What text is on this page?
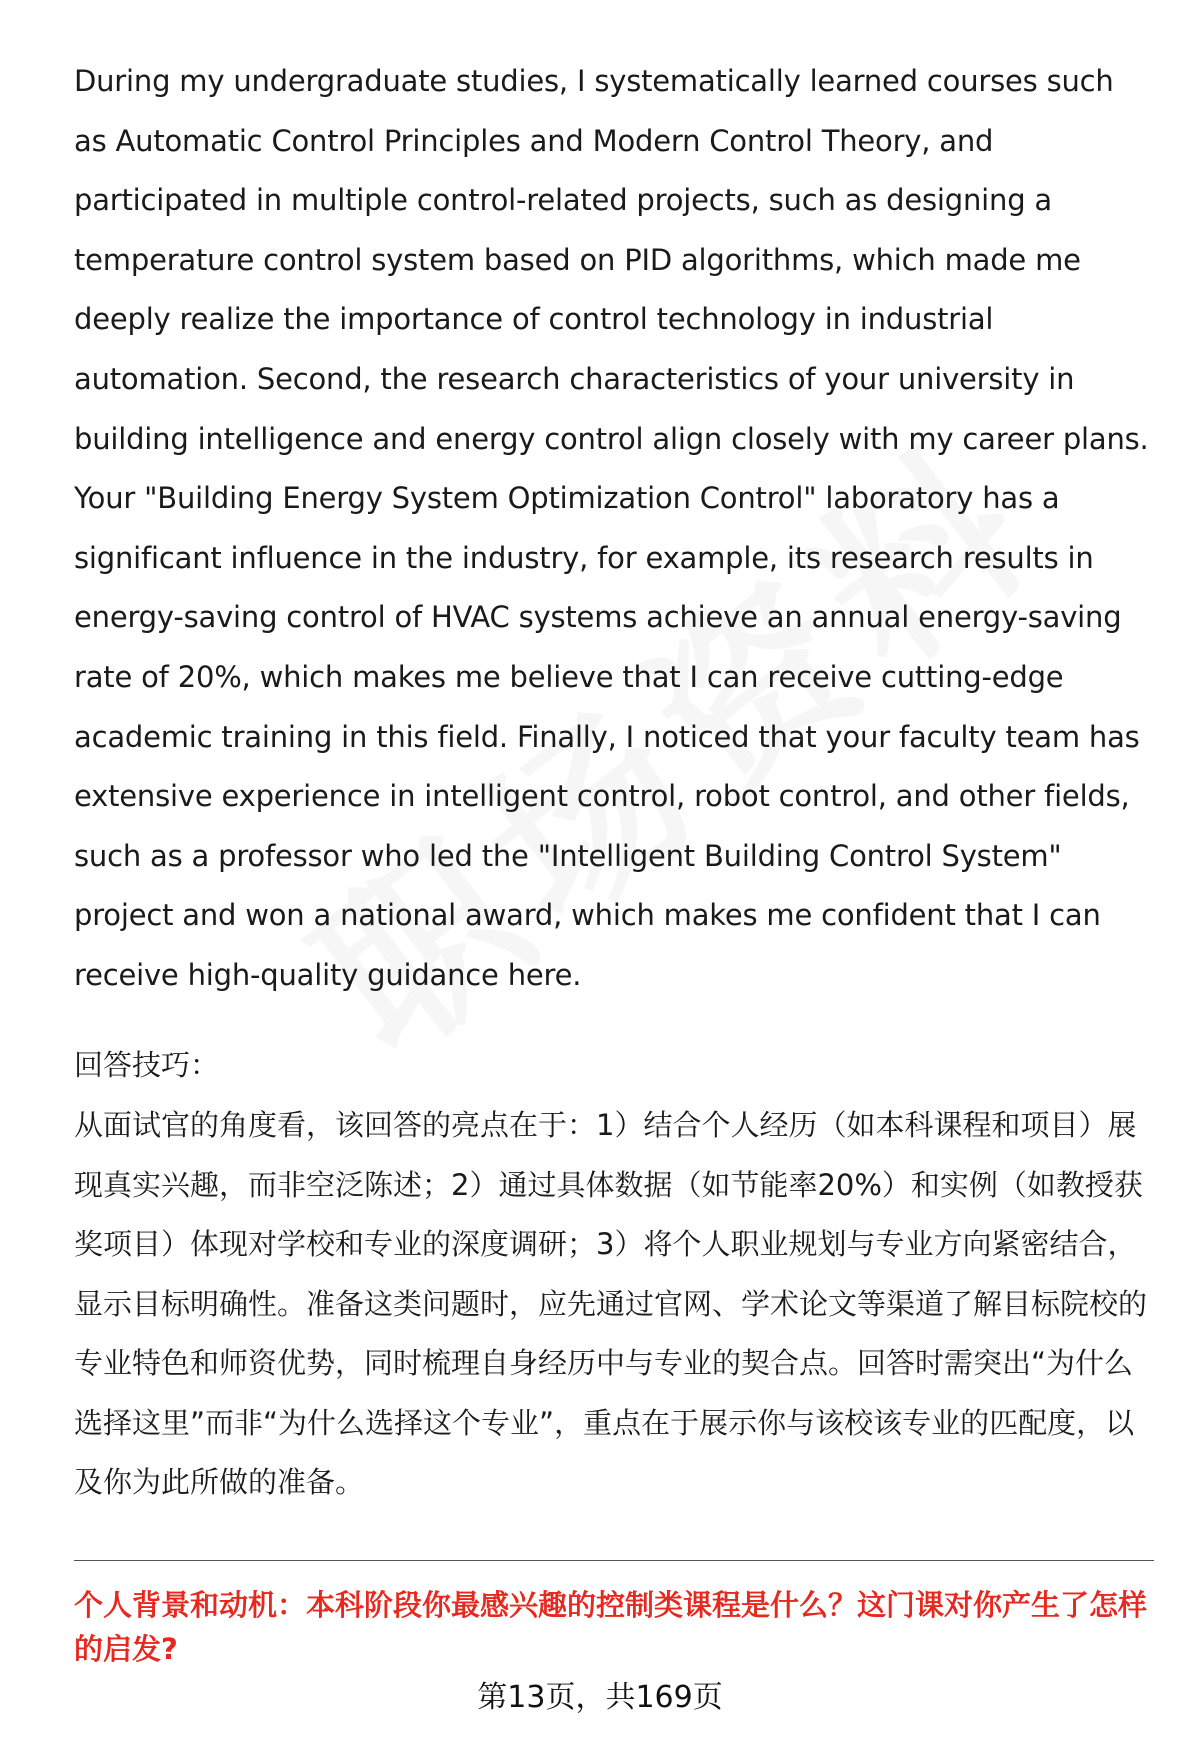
During my undergraduate studies, I systematically learned courses such as Automatic Control Principles and Modern Control Theory, and participated in multiple control-related projects, such as designing a temperature control system based on PID algorithms, which made me deeply realize the importance of control technology in industrial automation. Second, the research characteristics of your university in building intelligence and energy control align closely with my career plans. Your "Building Energy System Optimization Control" laboratory has a significant influence in the industry, for example, its research results in energy-saving control of HVAC systems achieve an annual energy-saving rate of 20%, which makes me believe that I can receive cutting-edge academic training in this field. Finally, I noticed that your faculty team has extensive experience in intelligent control, robot control, and other fields, such as a professor who led the "Intelligent Building Control System" project and won a national award, which makes me confident that I can receive high-quality guidance here.

回答技巧：

从面试官的角度看，该回答的亮点在于：1）结合个人经历（如本科课程和项目）展现真实兴趣，而非空泛陈述；2）通过具体数据（如节能率20%）和实例（如教授获奖项目）体现对学校和专业的深度调研；3）将个人职业规划与专业方向紧密结合，显示目标明确性。准备这类问题时，应先通过官网、学术论文等渠道了解目标院校的专业特色和师资优势，同时梳理自身经历中与专业的契合点。回答时需突出“为什么选择这里”而非“为什么选择这个专业”，重点在于展示你与该校该专业的匹配度，以及你为此所做的准备。

个人背景和动机：本科阶段你最感兴趣的控制类课程是什么？这门课对你产生了怎样的启发?

第13页，共169页
